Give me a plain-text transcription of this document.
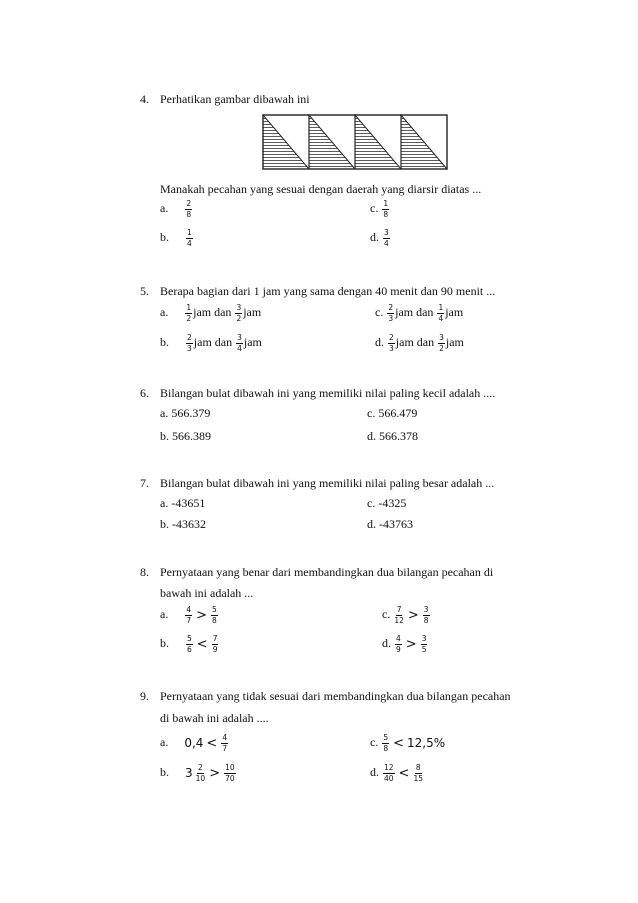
4. Perhatikan gambar dibawah ini
Manakah pecahan yang sesuai dengan daerah yang diarsir diatas ...
a. $\frac{2}{8}$	c. $\frac{1}{8}$
b. $\frac{1}{4}$	d. $\frac{3}{4}$
5. Berapa bagian dari 1 jam yang sama dengan 40 menit dan 90 menit ...
a. $\frac{1}{2}$ jam dan $\frac{3}{2}$ jam	c. $\frac{2}{3}$ jam dan $\frac{1}{4}$ jam
b. $\frac{2}{3}$ jam dan $\frac{3}{4}$ jam	d. $\frac{2}{3}$ jam dan $\frac{3}{2}$ jam
6. Bilangan bulat dibawah ini yang memiliki nilai paling kecil adalah ....
a. 566.379	c. 566.479
b. 566.389	d. 566.378
7. Bilangan bulat dibawah ini yang memiliki nilai paling besar adalah ...
a. -43651	c. -4325
b. -43632	d. -43763
8. Pernyataan yang benar dari membandingkan dua bilangan pecahan di
bawah ini adalah ...
a. $\frac{4}{7} > \frac{5}{8}$	c. $\frac{7}{12} > \frac{3}{8}$
b. $\frac{5}{6} < \frac{7}{9}$	d. $\frac{4}{9} > \frac{3}{5}$
9. Pernyataan yang tidak sesuai dari membandingkan dua bilangan pecahan
di bawah ini adalah ....
a. $0,4 < \frac{4}{7}$	c. $\frac{5}{8} < 12,5\%$
b. $3 \frac{2}{10} > \frac{10}{70}$	d. $\frac{12}{40} < \frac{8}{15}$
